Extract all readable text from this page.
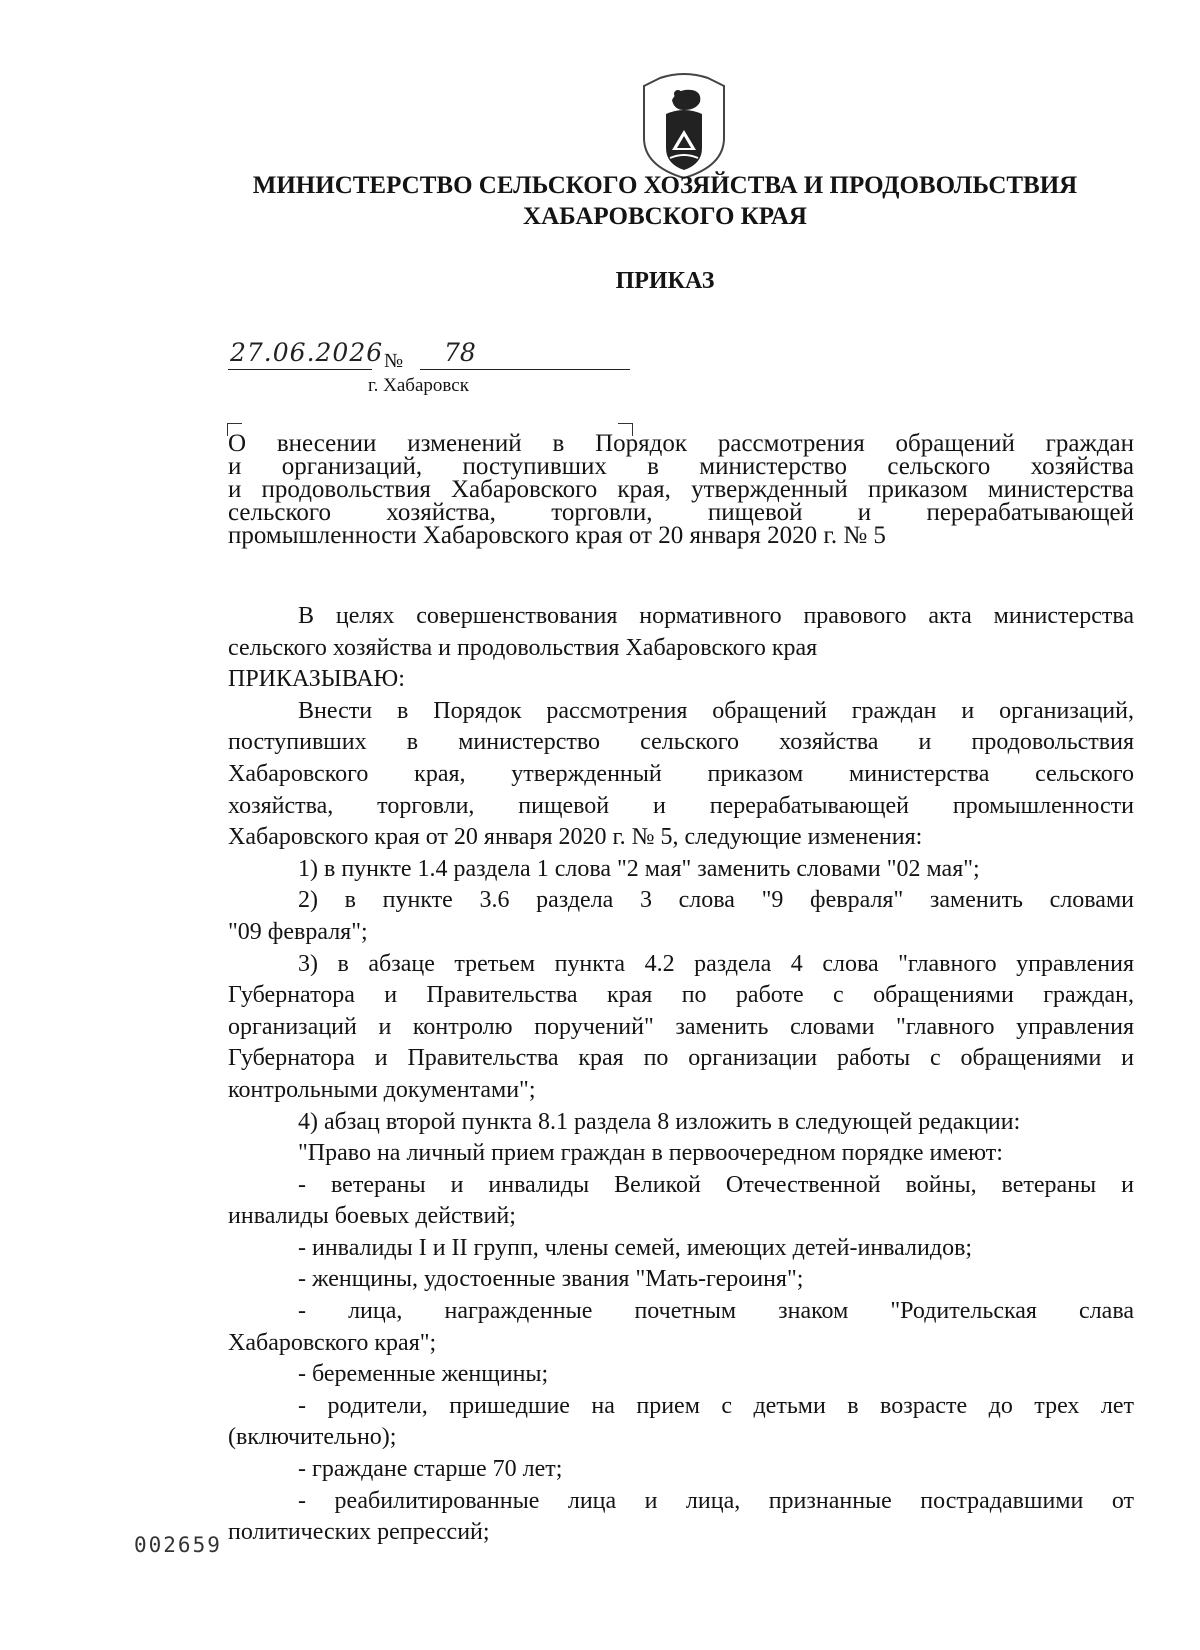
МИНИСТЕРСТВО СЕЛЬСКОГО ХОЗЯЙСТВА И ПРОДОВОЛЬСТВИЯ
ХАБАРОВСКОГО КРАЯ
ПРИКАЗ
27.06.2026 № 78
г. Хабаровск
О внесении изменений в Порядок рассмотрения обращений граждан
и организаций, поступивших в министерство сельского хозяйства
и продовольствия Хабаровского края, утвержденный приказом министерства
сельского хозяйства, торговли, пищевой и перерабатывающей
промышленности Хабаровского края от 20 января 2020 г. № 5
В целях совершенствования нормативного правового акта министерства
сельского хозяйства и продовольствия Хабаровского края
ПРИКАЗЫВАЮ:
Внести в Порядок рассмотрения обращений граждан и организаций,
поступивших в министерство сельского хозяйства и продовольствия
Хабаровского края, утвержденный приказом министерства сельского
хозяйства, торговли, пищевой и перерабатывающей промышленности
Хабаровского края от 20 января 2020 г. № 5, следующие изменения:
1) в пункте 1.4 раздела 1 слова "2 мая" заменить словами "02 мая";
2) в пункте 3.6 раздела 3 слова "9 февраля" заменить словами
"09 февраля";
3) в абзаце третьем пункта 4.2 раздела 4 слова "главного управления
Губернатора и Правительства края по работе с обращениями граждан,
организаций и контролю поручений" заменить словами "главного управления
Губернатора и Правительства края по организации работы с обращениями и
контрольными документами";
4) абзац второй пункта 8.1 раздела 8 изложить в следующей редакции:
"Право на личный прием граждан в первоочередном порядке имеют:
- ветераны и инвалиды Великой Отечественной войны, ветераны и
инвалиды боевых действий;
- инвалиды I и II групп, члены семей, имеющих детей-инвалидов;
- женщины, удостоенные звания "Мать-героиня";
- лица, награжденные почетным знаком "Родительская слава
Хабаровского края";
- беременные женщины;
- родители, пришедшие на прием с детьми в возрасте до трех лет
(включительно);
- граждане старше 70 лет;
- реабилитированные лица и лица, признанные пострадавшими от
политических репрессий;
002659
